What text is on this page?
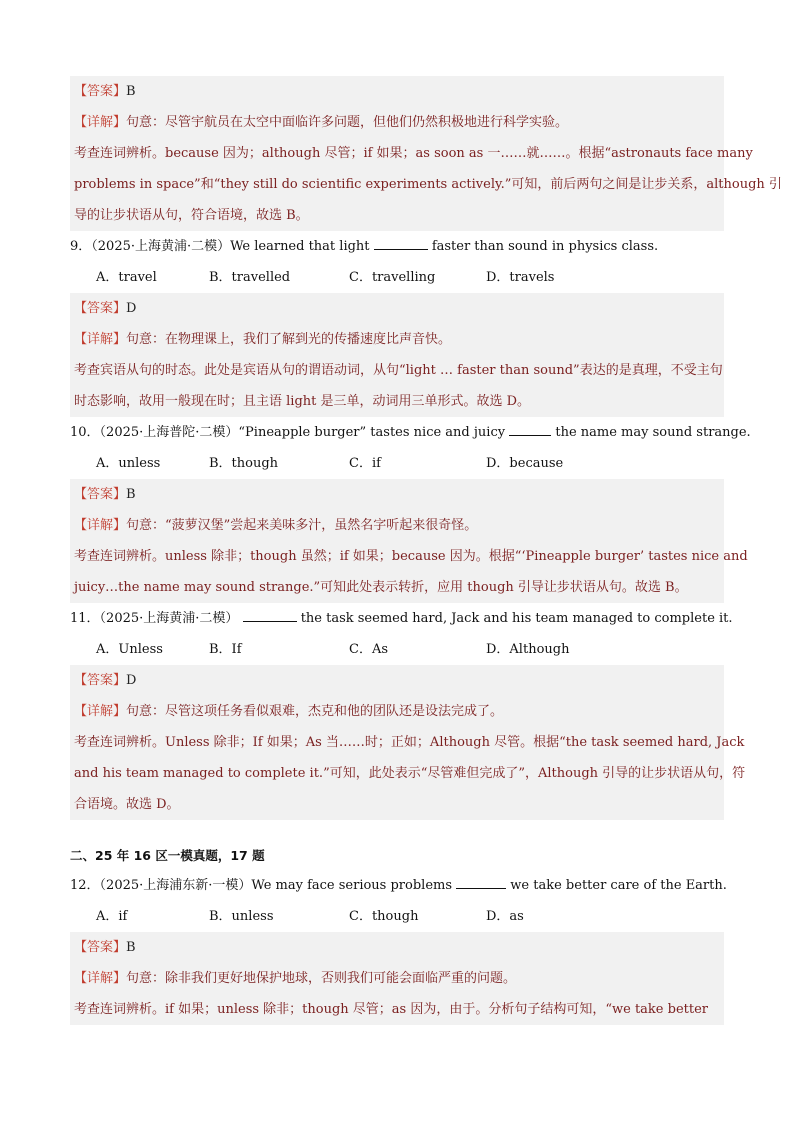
【答案】B
【详解】句意：尽管宇航员在太空中面临许多问题，但他们仍然积极地进行科学实验。
考查连词辨析。because 因为；although 尽管；if 如果；as soon as 一……就……。根据“astronauts face many
problems in space”和“they still do scientific experiments actively.”可知，前后两句之间是让步关系，although 引
导的让步状语从句，符合语境，故选 B。
9．（2025·上海黄浦·二模）We learned that light	faster than sound in physics class.
A．travel	B．travelled	C．travelling	D．travels
【答案】D
【详解】句意：在物理课上，我们了解到光的传播速度比声音快。
考查宾语从句的时态。此处是宾语从句的谓语动词，从句“light … faster than sound”表达的是真理，不受主句
时态影响，故用一般现在时；且主语 light 是三单，动词用三单形式。故选 D。
10．（2025·上海普陀·二模）“Pineapple burger” tastes nice and juicy	the name may sound strange.
A．unless	B．though	C．if	D．because
【答案】B
【详解】句意：“菠萝汉堡”尝起来美味多汁，虽然名字听起来很奇怪。
考查连词辨析。unless 除非；though 虽然；if 如果；because 因为。根据“‘Pineapple burger’ tastes nice and
juicy…the name may sound strange.”可知此处表示转折，应用 though 引导让步状语从句。故选 B。
11．（2025·上海黄浦·二模）	the task seemed hard, Jack and his team managed to complete it.
A．Unless	B．If	C．As	D．Although
【答案】D
【详解】句意：尽管这项任务看似艰难，杰克和他的团队还是设法完成了。
考查连词辨析。Unless 除非；If 如果；As 当……时；正如；Although 尽管。根据“the task seemed hard, Jack
and his team managed to complete it.”可知，此处表示“尽管难但完成了”，Although 引导的让步状语从句，符
合语境。故选 D。
二、25 年 16 区一模真题，17 题
12．（2025·上海浦东新·一模）We may face serious problems	we take better care of the Earth.
A．if	B．unless	C．though	D．as
【答案】B
【详解】句意：除非我们更好地保护地球，否则我们可能会面临严重的问题。
考查连词辨析。if 如果；unless 除非；though 尽管；as 因为，由于。分析句子结构可知，“we take better
